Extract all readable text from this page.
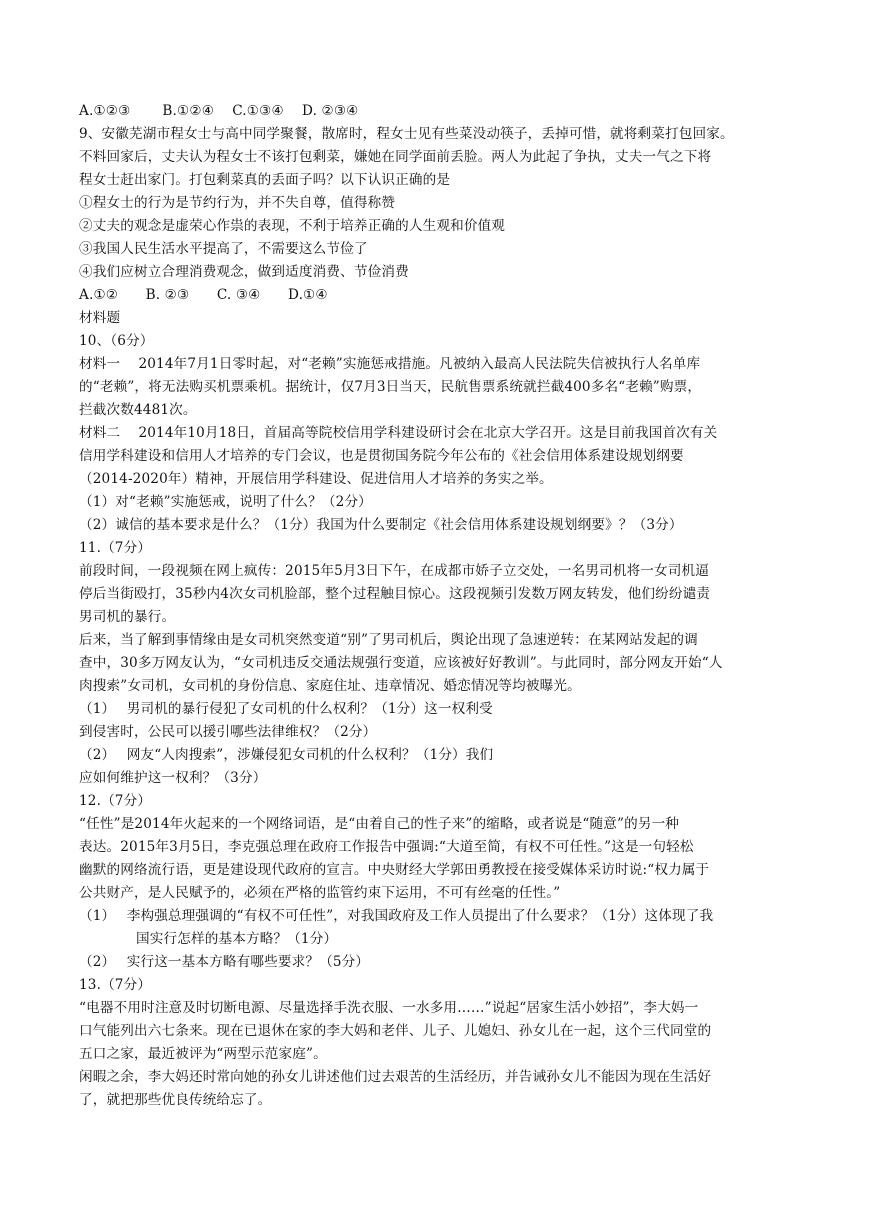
A.①②③　　 B.①②④　 C.①③④　 D. ②③④
9、安徽芜湖市程女士与高中同学聚餐，散席时，程女士见有些菜没动筷子，丢掉可惜，就将剩菜打包回家。
不料回家后，丈夫认为程女士不该打包剩菜，嫌她在同学面前丢脸。两人为此起了争执，丈夫一气之下将
程女士赶出家门。打包剩菜真的丢面子吗？以下认识正确的是
①程女士的行为是节约行为，并不失自尊，值得称赞
②丈夫的观念是虚荣心作祟的表现，不利于培养正确的人生观和价值观
③我国人民生活水平提高了，不需要这么节俭了
④我们应树立合理消费观念，做到适度消费、节俭消费
A.①②　　B. ②③　　C. ③④　　D.①④
材料题
10、（6分）
材料一　 2014年7月1日零时起，对“老赖”实施惩戒措施。凡被纳入最高人民法院失信被执行人名单库
的“老赖”，将无法购买机票乘机。据统计，仅7月3日当天，民航售票系统就拦截400多名“老赖”购票，
拦截次数4481次。
材料二　 2014年10月18日，首届高等院校信用学科建设研讨会在北京大学召开。这是目前我国首次有关
信用学科建设和信用人才培养的专门会议，也是贯彻国务院今年公布的《社会信用体系建设规划纲要
（2014-2020年）精神，开展信用学科建设、促进信用人才培养的务实之举。
（1）对“老赖”实施惩戒，说明了什么？（2分）
（2）诚信的基本要求是什么？（1分）我国为什么要制定《社会信用体系建设规划纲要》？（3分）
11.（7分）
前段时间，一段视频在网上疯传：2015年5月3日下午，在成都市娇子立交处，一名男司机将一女司机逼
停后当街殴打，35秒内4次女司机脸部，整个过程触目惊心。这段视频引发数万网友转发，他们纷纷谴责
男司机的暴行。
后来，当了解到事情缘由是女司机突然变道“别”了男司机后，舆论出现了急速逆转：在某网站发起的调
查中，30多万网友认为，“女司机违反交通法规强行变道，应该被好好教训”。与此同时，部分网友开始“人
肉搜索”女司机，女司机的身份信息、家庭住址、违章情况、婚恋情况等均被曝光。
（1）　 男司机的暴行侵犯了女司机的什么权利？（1分）这一权利受
到侵害时，公民可以援引哪些法律维权？（2分）
（2）　 网友“人肉搜索”，涉嫌侵犯女司机的什么权利？（1分）我们
应如何维护这一权利？（3分）
12.（7分）
“任性”是2014年火起来的一个网络词语，是“由着自己的性子来”的缩略，或者说是“随意”的另一种
表达。2015年3月5日，李克强总理在政府工作报告中强调:“大道至简，有权不可任性。”这是一句轻松
幽默的网络流行语，更是建设现代政府的宣言。中央财经大学郭田勇教授在接受媒体采访时说:“权力属于
公共财产，是人民赋予的，必须在严格的监管约束下运用，不可有丝毫的任性。”
（1）　 李构强总理强调的“有权不可任性”，对我国政府及工作人员提出了什么要求？（1分）这体现了我
国实行怎样的基本方略？（1分）
（2）　 实行这一基本方略有哪些要求？（5分）
13.（7分）
“电器不用时注意及时切断电源、尽量选择手洗衣服、一水多用……”说起“居家生活小妙招”，李大妈一
口气能列出六七条来。现在已退休在家的李大妈和老伴、儿子、儿媳妇、孙女儿在一起，这个三代同堂的
五口之家，最近被评为“两型示范家庭”。
闲暇之余，李大妈还时常向她的孙女儿讲述他们过去艰苦的生活经历，并告诫孙女儿不能因为现在生活好
了，就把那些优良传统给忘了。
